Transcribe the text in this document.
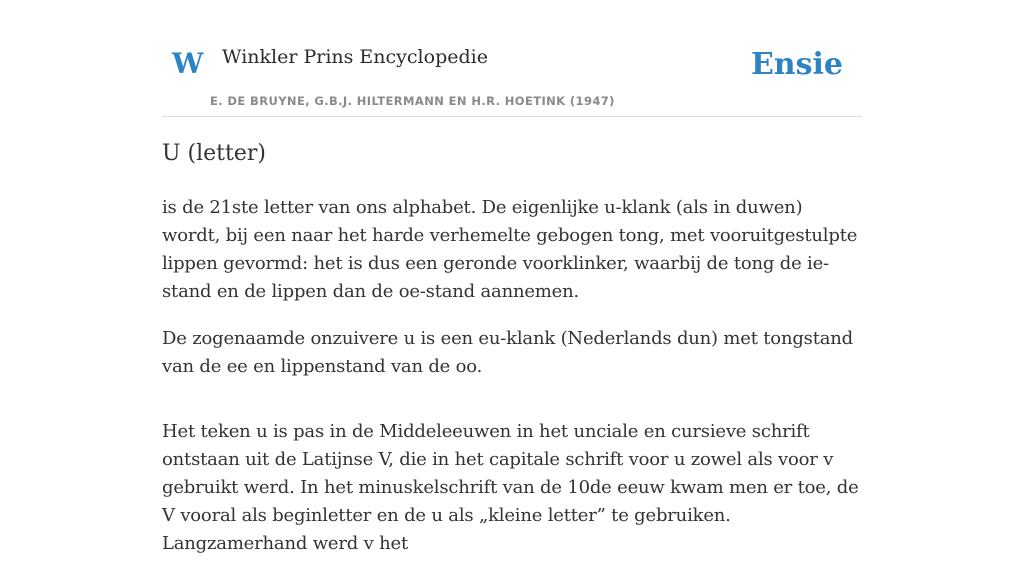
W Winkler Prins Encyclopedie
E. DE BRUYNE, G.B.J. HILTERMANN EN H.R. HOETINK (1947)
Ensie
U (letter)

is de 21ste letter van ons alphabet. De eigenlijke u-klank (als in duwen) wordt, bij een naar het harde verhemelte gebogen tong, met vooruitgestulpte lippen gevormd: het is dus een geronde voorklinker, waarbij de tong de ie-stand en de lippen dan de oe-stand aannemen.

De zogenaamde onzuivere u is een eu-klank (Nederlands dun) met tongstand van de ee en lippenstand van de oo.

Het teken u is pas in de Middeleeuwen in het unciale en cursieve schrift ontstaan uit de Latijnse V, die in het capitale schrift voor u zowel als voor v gebruikt werd. In het minuskelschrift van de 10de eeuw kwam men er toe, de V vooral als beginletter en de u als „kleine letter” te gebruiken. Langzamerhand werd v het
